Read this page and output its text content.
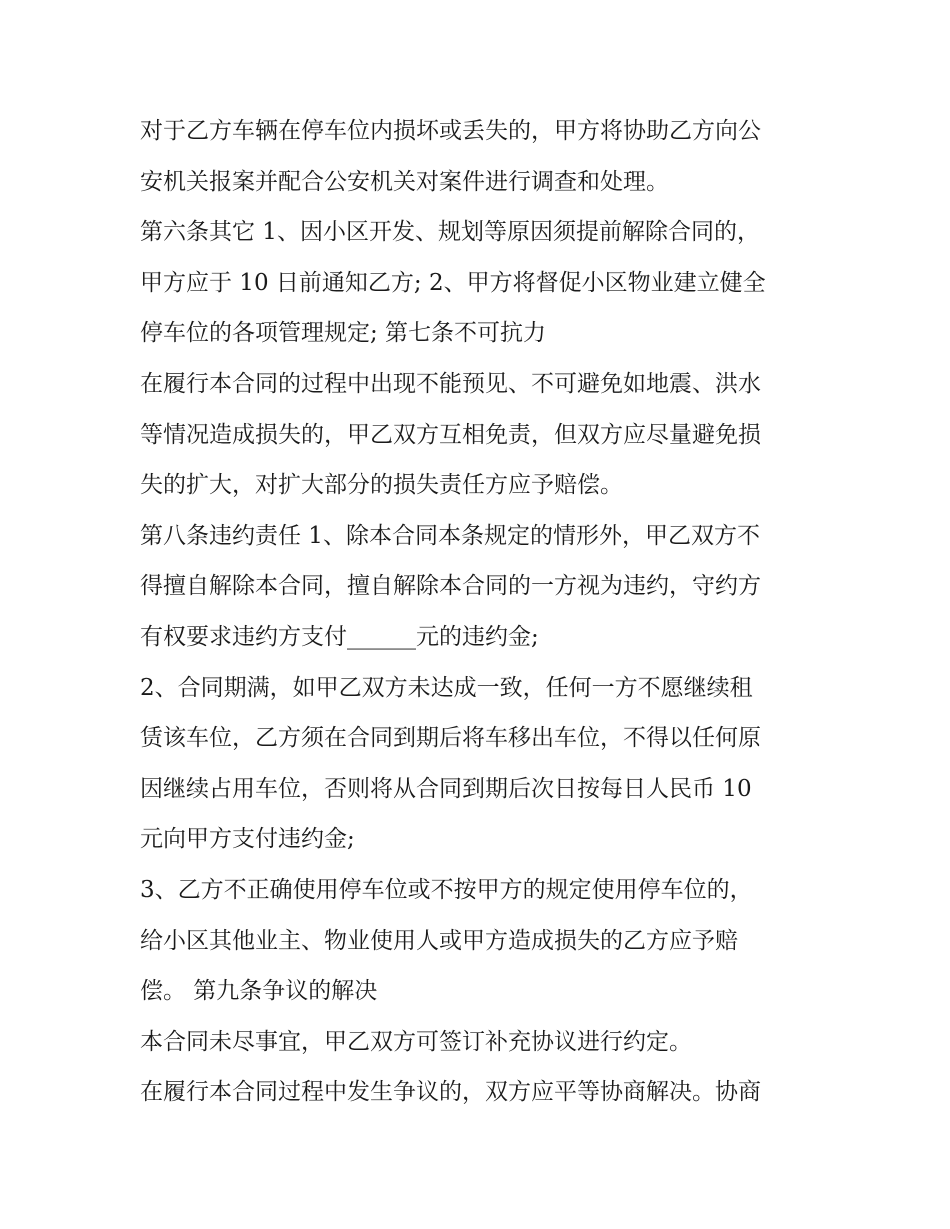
对于乙方车辆在停车位内损坏或丢失的，甲方将协助乙方向公
安机关报案并配合公安机关对案件进行调查和处理。
第六条其它 1、因小区开发、规划等原因须提前解除合同的，
甲方应于 10 日前通知乙方; 2、甲方将督促小区物业建立健全
停车位的各项管理规定; 第七条不可抗力
在履行本合同的过程中出现不能预见、不可避免如地震、洪水
等情况造成损失的，甲乙双方互相免责，但双方应尽量避免损
失的扩大，对扩大部分的损失责任方应予赔偿。
第八条违约责任 1、除本合同本条规定的情形外，甲乙双方不
得擅自解除本合同，擅自解除本合同的一方视为违约，守约方
有权要求违约方支付______元的违约金;
2、合同期满，如甲乙双方未达成一致，任何一方不愿继续租
赁该车位，乙方须在合同到期后将车移出车位，不得以任何原
因继续占用车位，否则将从合同到期后次日按每日人民币 10
元向甲方支付违约金;
3、乙方不正确使用停车位或不按甲方的规定使用停车位的，
给小区其他业主、物业使用人或甲方造成损失的乙方应予赔
偿。 第九条争议的解决
本合同未尽事宜，甲乙双方可签订补充协议进行约定。
在履行本合同过程中发生争议的，双方应平等协商解决。协商
